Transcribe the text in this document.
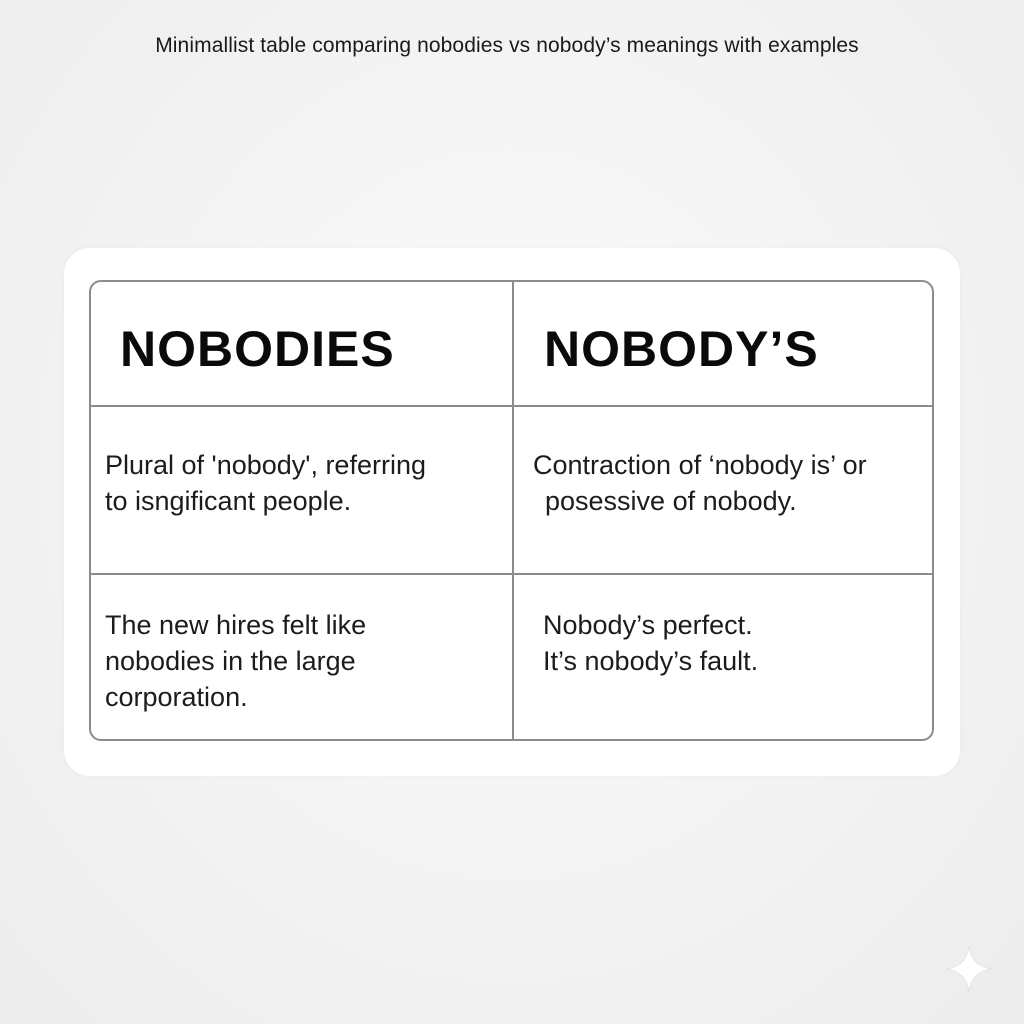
Minimallist table comparing nobodies vs nobody’s meanings with examples
NOBODIES	NOBODY’S
Plural of 'nobody', referring
to isngificant people.
Contraction of ‘nobody is’ or
posessive of nobody.
The new hires felt like
nobodies in the large
corporation.
Nobody’s perfect.
It’s nobody’s fault.
